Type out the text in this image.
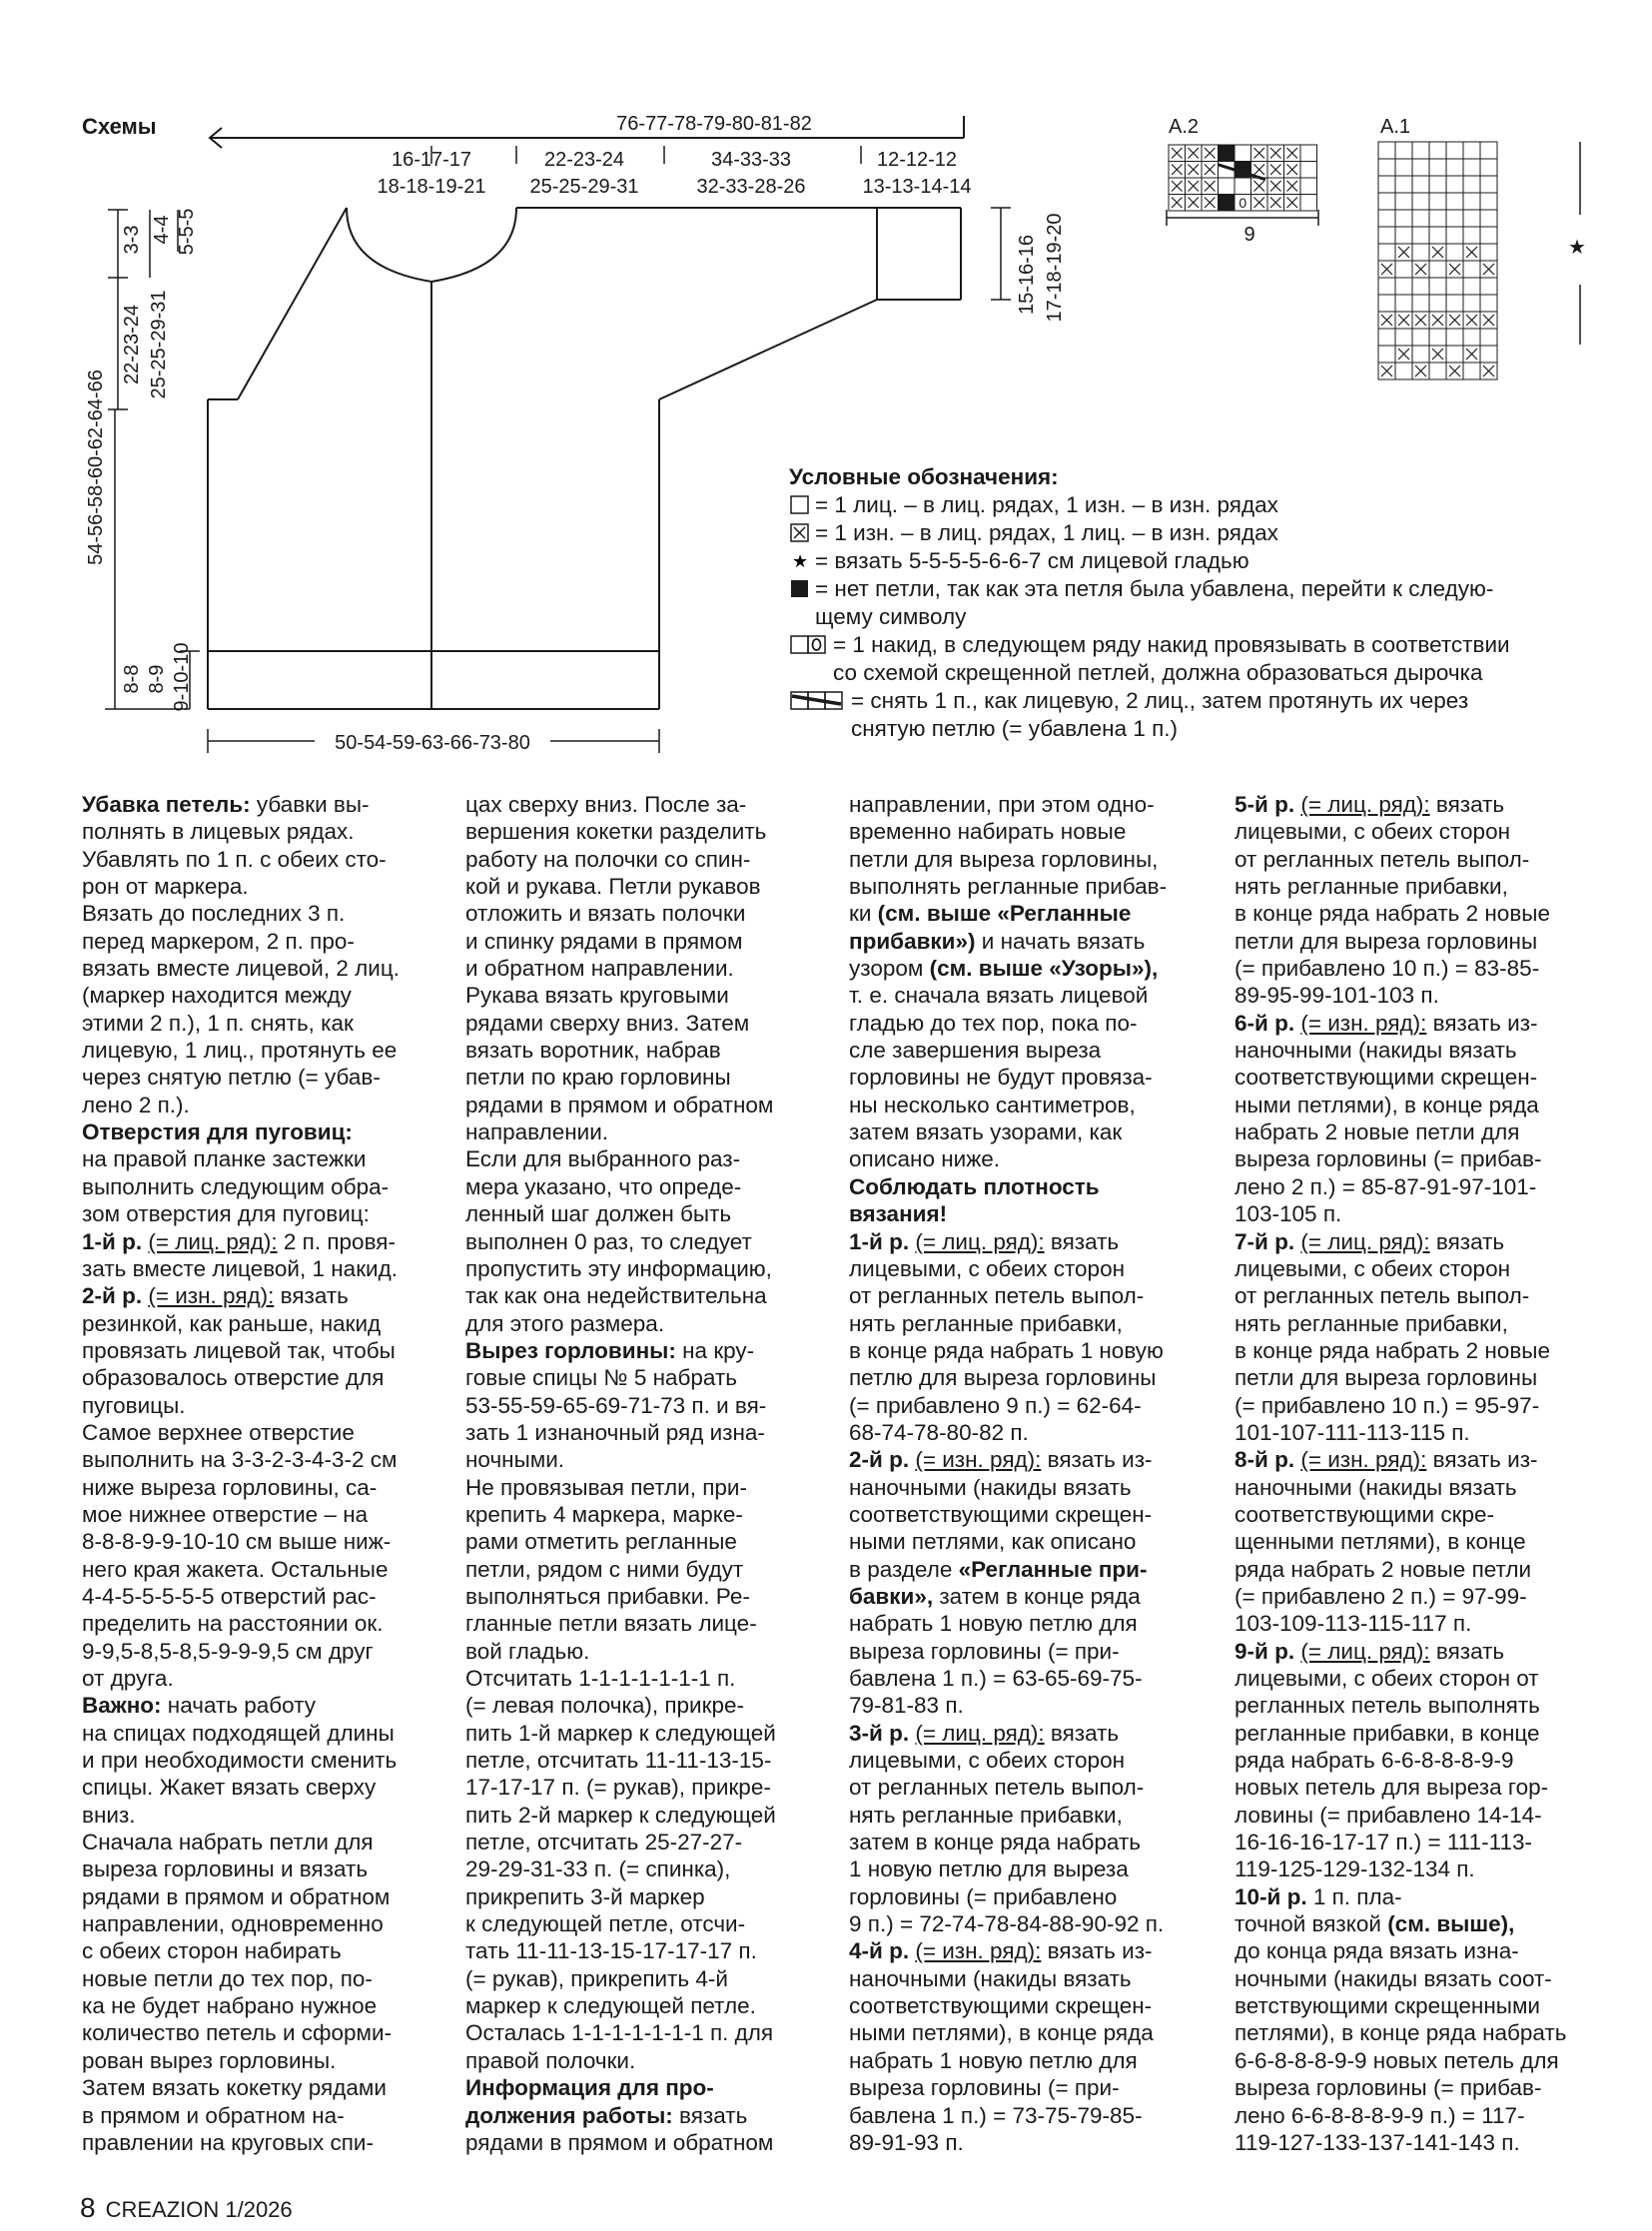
Схемы	76-77-78-79-80-81-82
16-17-17
18-18-19-21
22-23-24
25-25-29-31
34-33-33
32-33-28-26
12-12-12
13-13-14-14
3-3 4-4 5-5-5
22-23-24 25-25-29-31
54-56-58-60-62-64-66
8-8 8-9 9-10-10
15-16-16 17-18-19-20
50-54-59-63-66-73-80
A.2
0
9
A.1
★
Условные обозначения:
= 1 лиц. – в лиц. рядах, 1 изн. – в изн. рядах
= 1 изн. – в лиц. рядах, 1 лиц. – в изн. рядах
★ = вязать 5-5-5-5-6-6-7 см лицевой гладью
= нет петли, так как эта петля была убавлена, перейти к следую-
щему символу
= 1 накид, в следующем ряду накид провязывать в соответствии
со схемой скрещенной петлей, должна образоваться дырочка
= снять 1 п., как лицевую, 2 лиц., затем протянуть их через
снятую петлю (= убавлена 1 п.)
Убавка петель: убавки вы-
полнять в лицевых рядах.
Убавлять по 1 п. с обеих сто-
рон от маркера.
Вязать до последних 3 п.
перед маркером, 2 п. про-
вязать вместе лицевой, 2 лиц.
(маркер находится между
этими 2 п.), 1 п. снять, как
лицевую, 1 лиц., протянуть ее
через снятую петлю (= убав-
лено 2 п.).
Отверстия для пуговиц:
на правой планке застежки
выполнить следующим обра-
зом отверстия для пуговиц:
1-й р. (= лиц. ряд): 2 п. провя-
зать вместе лицевой, 1 накид.
2-й р. (= изн. ряд): вязать
резинкой, как раньше, накид
провязать лицевой так, чтобы
образовалось отверстие для
пуговицы.
Самое верхнее отверстие
выполнить на 3-3-2-3-4-3-2 см
ниже выреза горловины, са-
мое нижнее отверстие – на
8-8-8-9-9-10-10 см выше ниж-
него края жакета. Остальные
4-4-5-5-5-5-5 отверстий рас-
пределить на расстоянии ок.
9-9,5-8,5-8,5-9-9-9,5 см друг
от друга.
Важно: начать работу
на спицах подходящей длины
и при необходимости сменить
спицы. Жакет вязать сверху
вниз.
Сначала набрать петли для
выреза горловины и вязать
рядами в прямом и обратном
направлении, одновременно
с обеих сторон набирать
новые петли до тех пор, по-
ка не будет набрано нужное
количество петель и сформи-
рован вырез горловины.
Затем вязать кокетку рядами
в прямом и обратном на-
правлении на круговых спи-
цах сверху вниз. После за-
вершения кокетки разделить
работу на полочки со спин-
кой и рукава. Петли рукавов
отложить и вязать полочки
и спинку рядами в прямом
и обратном направлении.
Рукава вязать круговыми
рядами сверху вниз. Затем
вязать воротник, набрав
петли по краю горловины
рядами в прямом и обратном
направлении.
Если для выбранного раз-
мера указано, что опреде-
ленный шаг должен быть
выполнен 0 раз, то следует
пропустить эту информацию,
так как она недействительна
для этого размера.
Вырез горловины: на кру-
говые спицы № 5 набрать
53-55-59-65-69-71-73 п. и вя-
зать 1 изнаночный ряд изна-
ночными.
Не провязывая петли, при-
крепить 4 маркера, марке-
рами отметить регланные
петли, рядом с ними будут
выполняться прибавки. Ре-
гланные петли вязать лице-
вой гладью.
Отсчитать 1-1-1-1-1-1-1 п.
(= левая полочка), прикре-
пить 1-й маркер к следующей
петле, отсчитать 11-11-13-15-
17-17-17 п. (= рукав), прикре-
пить 2-й маркер к следующей
петле, отсчитать 25-27-27-
29-29-31-33 п. (= спинка),
прикрепить 3-й маркер
к следующей петле, отсчи-
тать 11-11-13-15-17-17-17 п.
(= рукав), прикрепить 4-й
маркер к следующей петле.
Осталась 1-1-1-1-1-1-1 п. для
правой полочки.
Информация для про-
должения работы: вязать
рядами в прямом и обратном
направлении, при этом одно-
временно набирать новые
петли для выреза горловины,
выполнять регланные прибав-
ки (см. выше «Регланные
прибавки») и начать вязать
узором (см. выше «Узоры»),
т. е. сначала вязать лицевой
гладью до тех пор, пока по-
сле завершения выреза
горловины не будут провяза-
ны несколько сантиметров,
затем вязать узорами, как
описано ниже.
Соблюдать плотность
вязания!
1-й р. (= лиц. ряд): вязать
лицевыми, с обеих сторон
от регланных петель выпол-
нять регланные прибавки,
в конце ряда набрать 1 новую
петлю для выреза горловины
(= прибавлено 9 п.) = 62-64-
68-74-78-80-82 п.
2-й р. (= изн. ряд): вязать из-
наночными (накиды вязать
соответствующими скрещен-
ными петлями, как описано
в разделе «Регланные при-
бавки», затем в конце ряда
набрать 1 новую петлю для
выреза горловины (= при-
бавлена 1 п.) = 63-65-69-75-
79-81-83 п.
3-й р. (= лиц. ряд): вязать
лицевыми, с обеих сторон
от регланных петель выпол-
нять регланные прибавки,
затем в конце ряда набрать
1 новую петлю для выреза
горловины (= прибавлено
9 п.) = 72-74-78-84-88-90-92 п.
4-й р. (= изн. ряд): вязать из-
наночными (накиды вязать
соответствующими скрещен-
ными петлями), в конце ряда
набрать 1 новую петлю для
выреза горловины (= при-
бавлена 1 п.) = 73-75-79-85-
89-91-93 п.
5-й р. (= лиц. ряд): вязать
лицевыми, с обеих сторон
от регланных петель выпол-
нять регланные прибавки,
в конце ряда набрать 2 новые
петли для выреза горловины
(= прибавлено 10 п.) = 83-85-
89-95-99-101-103 п.
6-й р. (= изн. ряд): вязать из-
наночными (накиды вязать
соответствующими скрещен-
ными петлями), в конце ряда
набрать 2 новые петли для
выреза горловины (= прибав-
лено 2 п.) = 85-87-91-97-101-
103-105 п.
7-й р. (= лиц. ряд): вязать
лицевыми, с обеих сторон
от регланных петель выпол-
нять регланные прибавки,
в конце ряда набрать 2 новые
петли для выреза горловины
(= прибавлено 10 п.) = 95-97-
101-107-111-113-115 п.
8-й р. (= изн. ряд): вязать из-
наночными (накиды вязать
соответствующими скре-
щенными петлями), в конце
ряда набрать 2 новые петли
(= прибавлено 2 п.) = 97-99-
103-109-113-115-117 п.
9-й р. (= лиц. ряд): вязать
лицевыми, с обеих сторон от
регланных петель выполнять
регланные прибавки, в конце
ряда набрать 6-6-8-8-8-9-9
новых петель для выреза гор-
ловины (= прибавлено 14-14-
16-16-16-17-17 п.) = 111-113-
119-125-129-132-134 п.
10-й р. 1 п. пла-
точной вязкой (см. выше),
до конца ряда вязать изна-
ночными (накиды вязать соот-
ветствующими скрещенными
петлями), в конце ряда набрать
6-6-8-8-8-9-9 новых петель для
выреза горловины (= прибав-
лено 6-6-8-8-8-9-9 п.) = 117-
119-127-133-137-141-143 п.
8 CREAZION 1/2026
